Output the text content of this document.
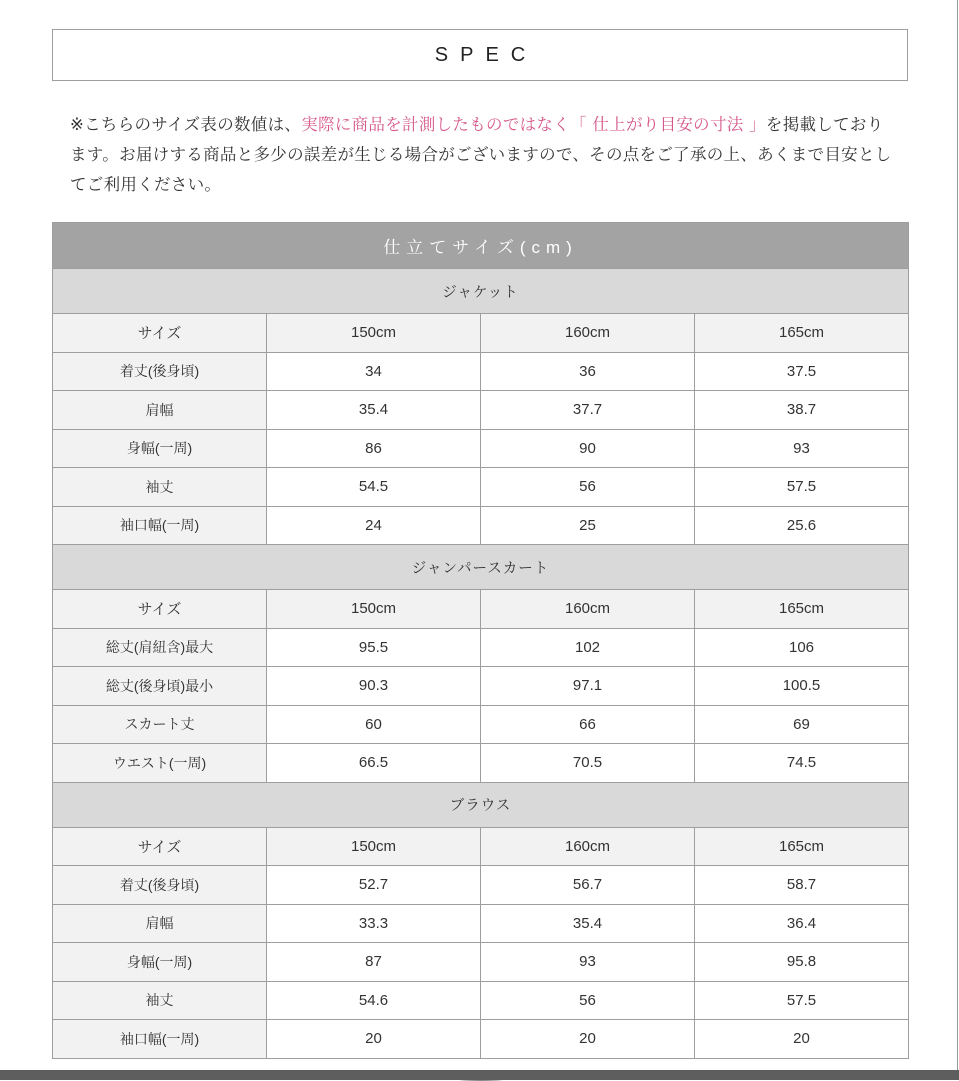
SPEC

※こちらのサイズ表の数値は、実際に商品を計測したものではなく「 仕上がり目安の寸法 」を掲載しております。お届けする商品と多少の誤差が生じる場合がございますので、その点をご了承の上、あくまで目安としてご利用ください。

仕立てサイズ(cm)			
ジャケット			
サイズ	150cm	160cm	165cm
着丈(後身頃)	34	36	37.5
肩幅	35.4	37.7	38.7
身幅(一周)	86	90	93
袖丈	54.5	56	57.5
袖口幅(一周)	24	25	25.6
ジャンパースカート			
サイズ	150cm	160cm	165cm
総丈(肩紐含)最大	95.5	102	106
総丈(後身頃)最小	90.3	97.1	100.5
スカート丈	60	66	69
ウエスト(一周)	66.5	70.5	74.5
ブラウス			
サイズ	150cm	160cm	165cm
着丈(後身頃)	52.7	56.7	58.7
肩幅	33.3	35.4	36.4
身幅(一周)	87	93	95.8
袖丈	54.6	56	57.5
袖口幅(一周)	20	20	20
